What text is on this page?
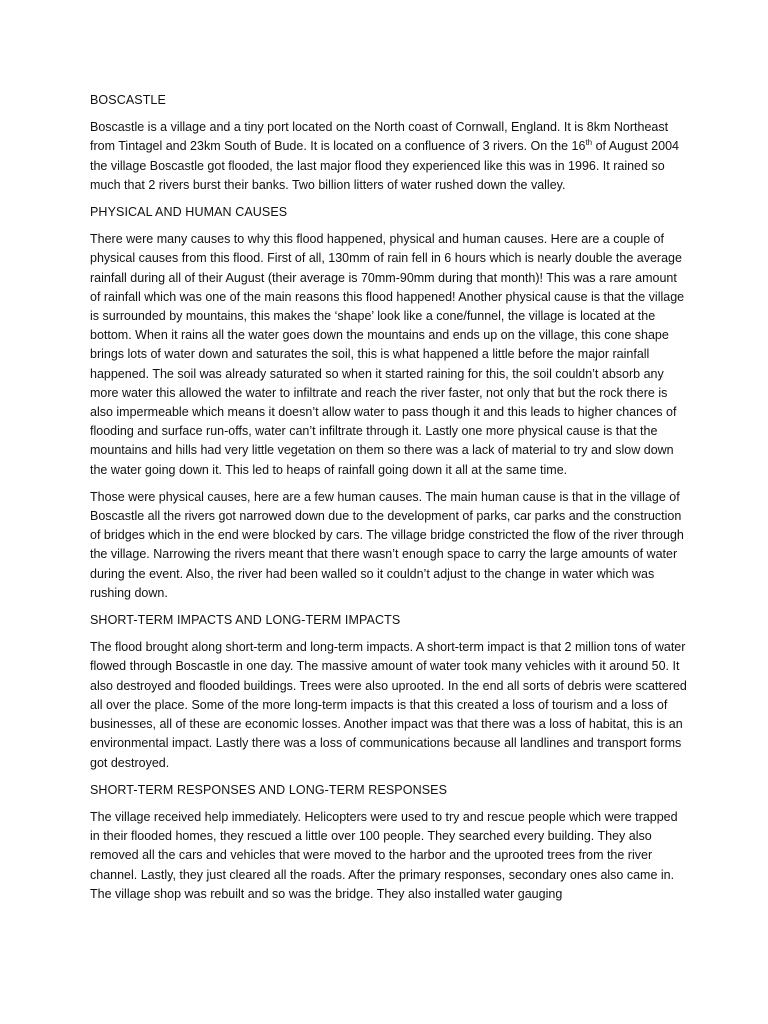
BOSCASTLE

Boscastle is a village and a tiny port located on the North coast of Cornwall, England. It is 8km Northeast from Tintagel and 23km South of Bude. It is located on a confluence of 3 rivers. On the 16th of August 2004 the village Boscastle got flooded, the last major flood they experienced like this was in 1996. It rained so much that 2 rivers burst their banks. Two billion litters of water rushed down the valley.

PHYSICAL AND HUMAN CAUSES

There were many causes to why this flood happened, physical and human causes. Here are a couple of physical causes from this flood. First of all, 130mm of rain fell in 6 hours which is nearly double the average rainfall during all of their August (their average is 70mm-90mm during that month)! This was a rare amount of rainfall which was one of the main reasons this flood happened! Another physical cause is that the village is surrounded by mountains, this makes the ‘shape’ look like a cone/funnel, the village is located at the bottom. When it rains all the water goes down the mountains and ends up on the village, this cone shape brings lots of water down and saturates the soil, this is what happened a little before the major rainfall happened. The soil was already saturated so when it started raining for this, the soil couldn’t absorb any more water this allowed the water to infiltrate and reach the river faster, not only that but the rock there is also impermeable which means it doesn’t allow water to pass though it and this leads to higher chances of flooding and surface run-offs, water can’t infiltrate through it. Lastly one more physical cause is that the mountains and hills had very little vegetation on them so there was a lack of material to try and slow down the water going down it. This led to heaps of rainfall going down it all at the same time.

Those were physical causes, here are a few human causes. The main human cause is that in the village of Boscastle all the rivers got narrowed down due to the development of parks, car parks and the construction of bridges which in the end were blocked by cars. The village bridge constricted the flow of the river through the village. Narrowing the rivers meant that there wasn’t enough space to carry the large amounts of water during the event. Also, the river had been walled so it couldn’t adjust to the change in water which was rushing down.

SHORT-TERM IMPACTS AND LONG-TERM IMPACTS

The flood brought along short-term and long-term impacts. A short-term impact is that 2 million tons of water flowed through Boscastle in one day. The massive amount of water took many vehicles with it around 50. It also destroyed and flooded buildings. Trees were also uprooted. In the end all sorts of debris were scattered all over the place. Some of the more long-term impacts is that this created a loss of tourism and a loss of businesses, all of these are economic losses. Another impact was that there was a loss of habitat, this is an environmental impact. Lastly there was a loss of communications because all landlines and transport forms got destroyed.

SHORT-TERM RESPONSES AND LONG-TERM RESPONSES

The village received help immediately. Helicopters were used to try and rescue people which were trapped in their flooded homes, they rescued a little over 100 people. They searched every building. They also removed all the cars and vehicles that were moved to the harbor and the uprooted trees from the river channel. Lastly, they just cleared all the roads. After the primary responses, secondary ones also came in. The village shop was rebuilt and so was the bridge. They also installed water gauging
